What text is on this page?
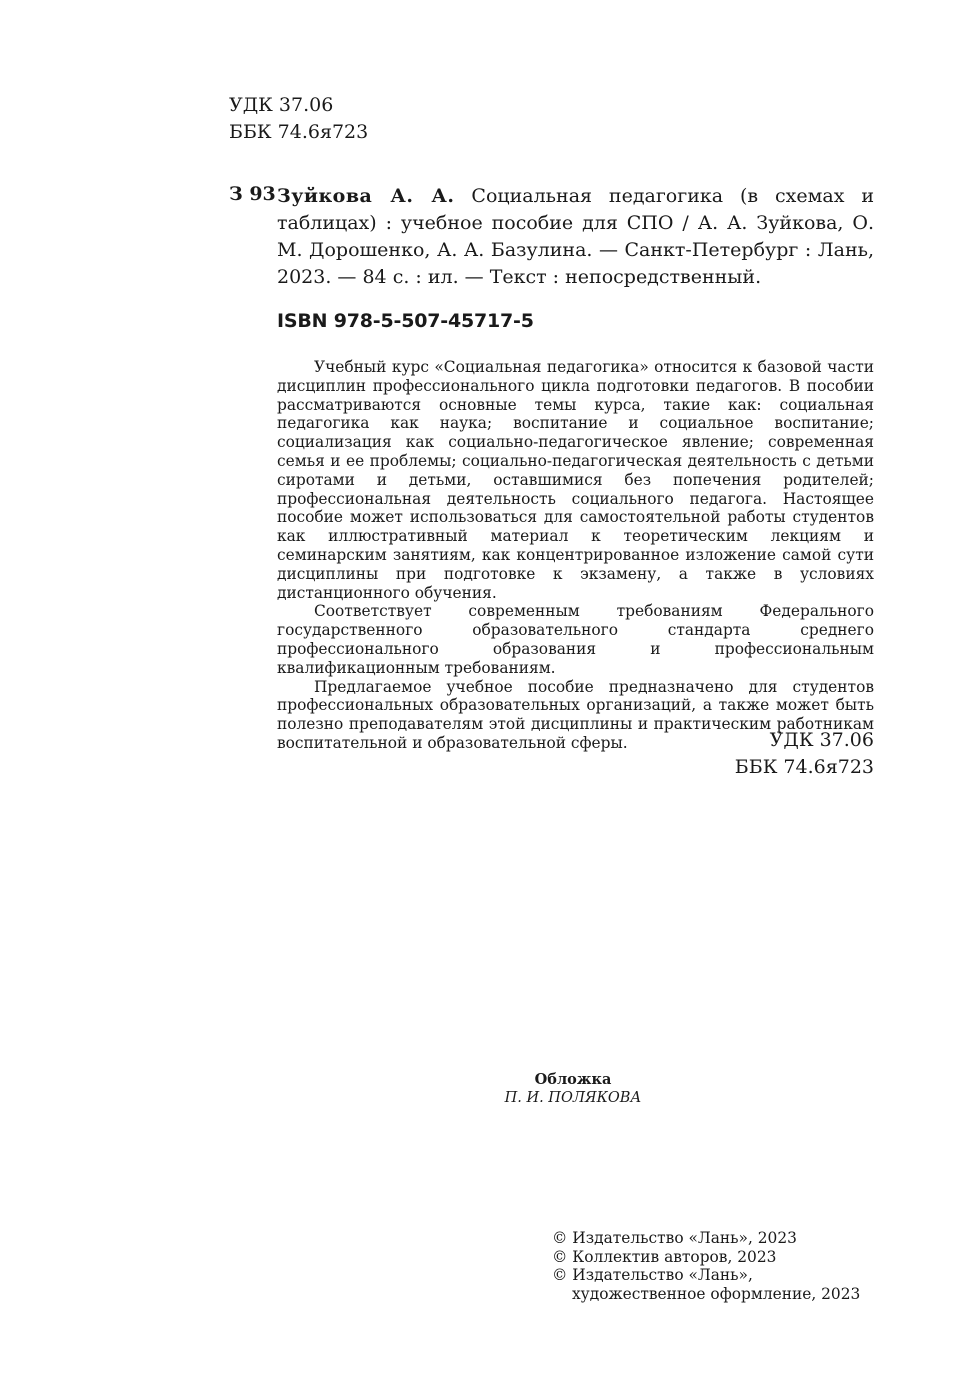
УДК 37.06
ББК 74.6я723
З 93 Зуйкова А. А. Социальная педагогика (в схемах и таблицах) : учебное пособие для СПО / А. А. Зуйкова, О. М. Дорошенко, А. А. Базулина. — Санкт-Петербург : Лань, 2023. — 84 с. : ил. — Текст : непосредственный.
ISBN 978-5-507-45717-5

Учебный курс «Социальная педагогика» относится к базовой части дисциплин профессионального цикла подготовки педагогов. В пособии рассматриваются основные темы курса, такие как: социальная педагогика как наука; воспитание и социальное воспитание; социализация как социально-педагогическое явление; современная семья и ее проблемы; социально-педагогическая деятельность с детьми сиротами и детьми, оставшимися без попечения родителей; профессиональная деятельность социального педагога. Настоящее пособие может использоваться для самостоятельной работы студентов как иллюстративный материал к теоретическим лекциям и семинарским занятиям, как концентрированное изложение самой сути дисциплины при подготовке к экзамену, а также в условиях дистанционного обучения.

Соответствует современным требованиям Федерального государственного образовательного стандарта среднего профессионального образования и профессиональным квалификационным требованиям.

Предлагаемое учебное пособие предназначено для студентов профессиональных образовательных организаций, а также может быть полезно преподавателям этой дисциплины и практическим работникам воспитательной и образовательной сферы.	УДК 37.06
ББК 74.6я723
Обложка
П. И. ПОЛЯКОВА
© Издательство «Лань», 2023
© Коллектив авторов, 2023
© Издательство «Лань»,
художественное оформление, 2023
